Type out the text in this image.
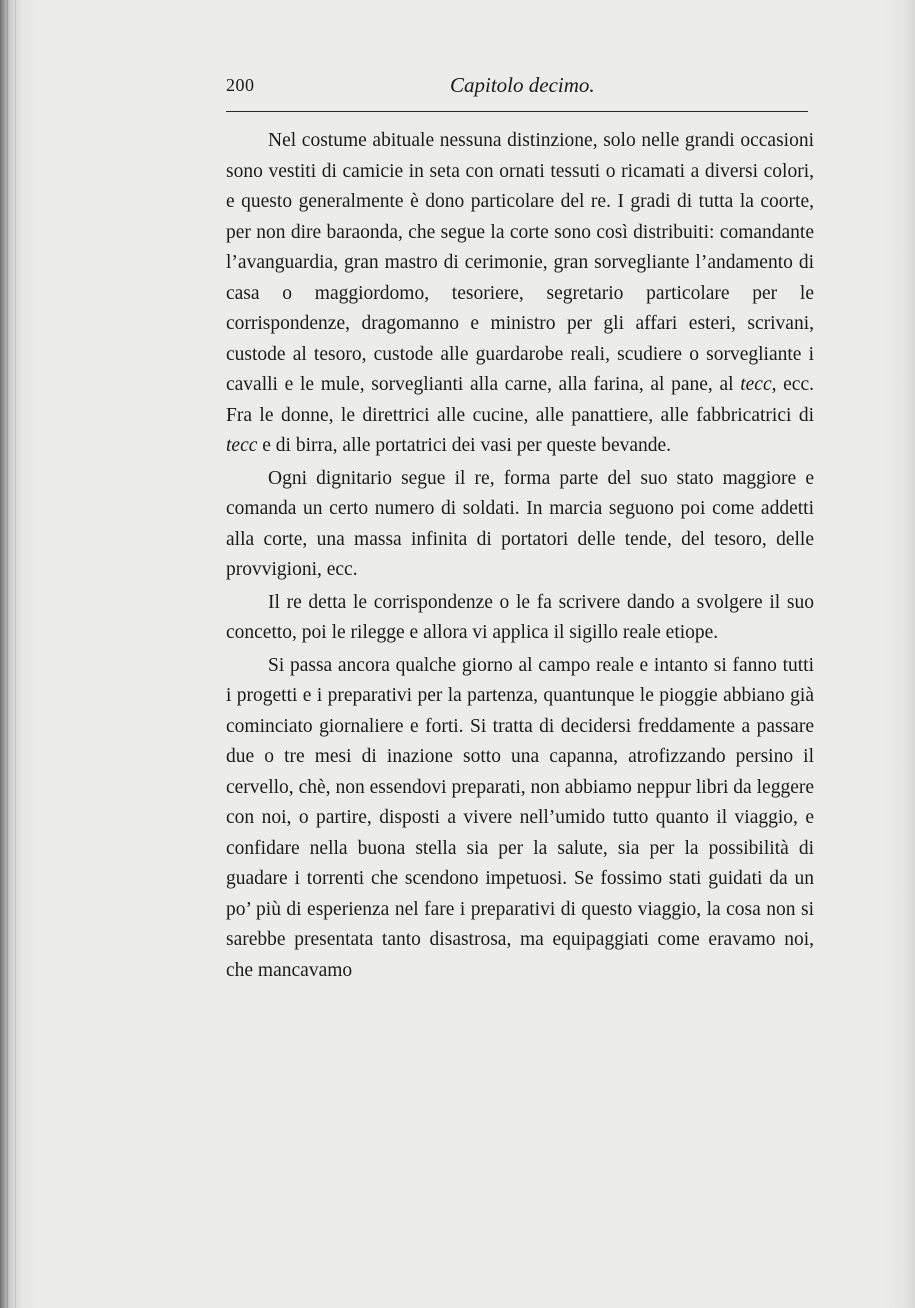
200	Capitolo decimo.

Nel costume abituale nessuna distinzione, solo nelle grandi occasioni sono vestiti di camicie in seta con ornati tessuti o ricamati a diversi colori, e questo generalmente è dono particolare del re. I gradi di tutta la coorte, per non dire baraonda, che segue la corte sono così distribuiti: comandante l’avanguardia, gran mastro di cerimonie, gran sorvegliante l’andamento di casa o maggiordomo, tesoriere, segretario particolare per le corrispondenze, dragomanno e ministro per gli affari esteri, scrivani, custode al tesoro, custode alle guardarobe reali, scudiere o sorvegliante i cavalli e le mule, sorveglianti alla carne, alla farina, al pane, al tecc, ecc. Fra le donne, le direttrici alle cucine, alle panattiere, alle fabbricatrici di tecc e di birra, alle portatrici dei vasi per queste bevande.

Ogni dignitario segue il re, forma parte del suo stato maggiore e comanda un certo numero di soldati. In marcia seguono poi come addetti alla corte, una massa infinita di portatori delle tende, del tesoro, delle provvigioni, ecc.

Il re detta le corrispondenze o le fa scrivere dando a svolgere il suo concetto, poi le rilegge e allora vi applica il sigillo reale etiope.

Si passa ancora qualche giorno al campo reale e intanto si fanno tutti i progetti e i preparativi per la partenza, quantunque le pioggie abbiano già cominciato giornaliere e forti. Si tratta di decidersi freddamente a passare due o tre mesi di inazione sotto una capanna, atrofizzando persino il cervello, chè, non essendovi preparati, non abbiamo neppur libri da leggere con noi, o partire, disposti a vivere nell’umido tutto quanto il viaggio, e confidare nella buona stella sia per la salute, sia per la possibilità di guadare i torrenti che scendono impetuosi. Se fossimo stati guidati da un po’ più di esperienza nel fare i preparativi di questo viaggio, la cosa non si sarebbe presentata tanto disastrosa, ma equipaggiati come eravamo noi, che mancavamo
